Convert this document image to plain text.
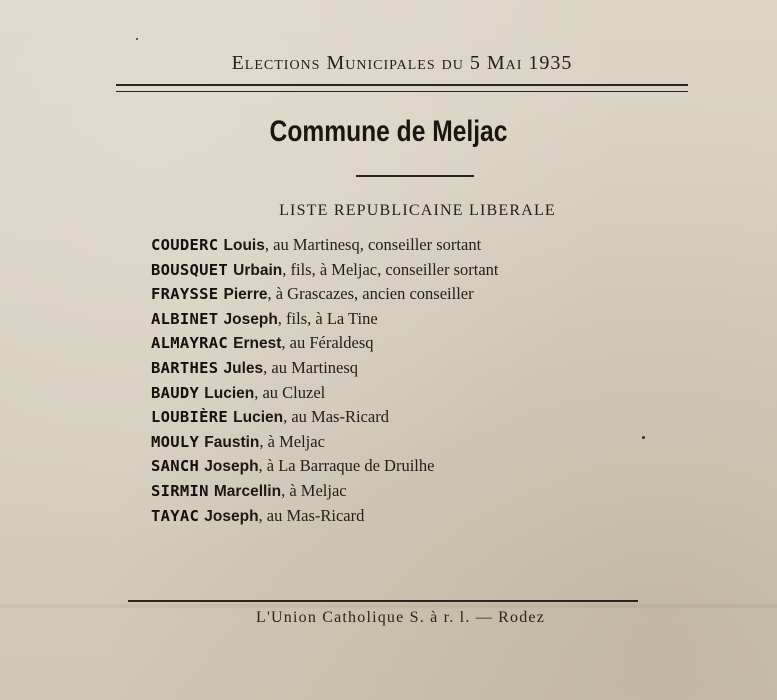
Elections Municipales du 5 Mai 1935
Commune de Meljac
LISTE REPUBLICAINE LIBERALE
COUDERC Louis, au Martinesq, conseiller sortant
BOUSQUET Urbain, fils, à Meljac, conseiller sortant
FRAYSSE Pierre, à Grascazes, ancien conseiller
ALBINET Joseph, fils, à La Tine
ALMAYRAC Ernest, au Féraldesq
BARTHES Jules, au Martinesq
BAUDY Lucien, au Cluzel
LOUBIÈRE Lucien, au Mas-Ricard
MOULY Faustin, à Meljac
SANCH Joseph, à La Barraque de Druilhe
SIRMIN Marcellin, à Meljac
TAYAC Joseph, au Mas-Ricard
L'Union Catholique S. à r. l. — Rodez
